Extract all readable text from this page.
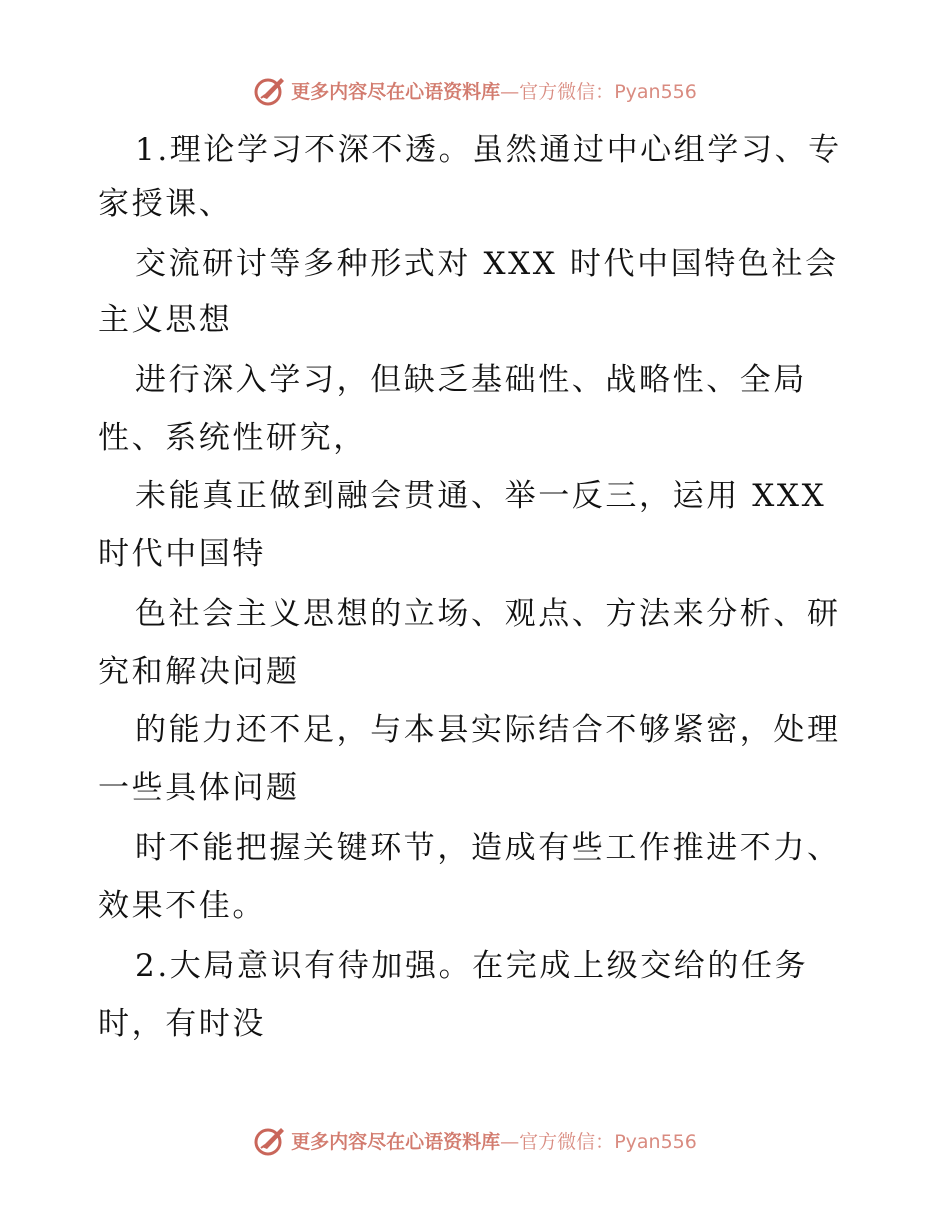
更多内容尽在心语资料库—官方微信：Pyan556
1.理论学习不深不透。虽然通过中心组学习、专
家授课、
交流研讨等多种形式对 XXX 时代中国特色社会
主义思想
进行深入学习，但缺乏基础性、战略性、全局
性、系统性研究，
未能真正做到融会贯通、举一反三，运用 XXX
时代中国特
色社会主义思想的立场、观点、方法来分析、研
究和解决问题
的能力还不足，与本县实际结合不够紧密，处理
一些具体问题
时不能把握关键环节，造成有些工作推进不力、
效果不佳。
2.大局意识有待加强。在完成上级交给的任务
时，有时没
更多内容尽在心语资料库—官方微信：Pyan556
